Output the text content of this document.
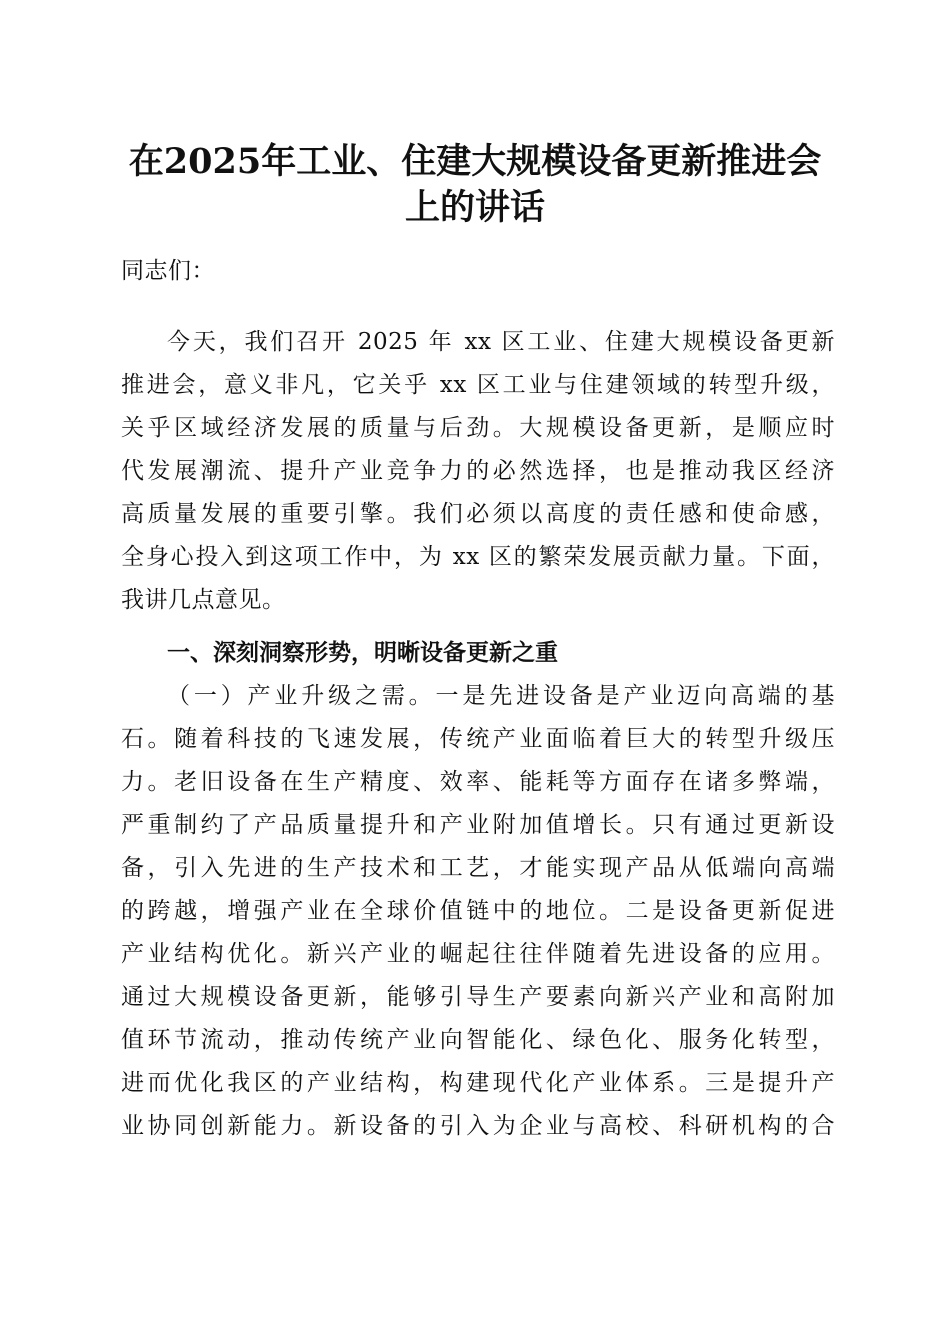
在2025年工业、住建大规模设备更新推进会
上的讲话
同志们：
今天，我们召开 2025 年 xx 区工业、住建大规模设备更新
推进会，意义非凡，它关乎 xx 区工业与住建领域的转型升级，
关乎区域经济发展的质量与后劲。大规模设备更新，是顺应时
代发展潮流、提升产业竞争力的必然选择，也是推动我区经济
高质量发展的重要引擎。我们必须以高度的责任感和使命感，
全身心投入到这项工作中，为 xx 区的繁荣发展贡献力量。下面，
我讲几点意见。
一、深刻洞察形势，明晰设备更新之重
（一）产业升级之需。一是先进设备是产业迈向高端的基
石。随着科技的飞速发展，传统产业面临着巨大的转型升级压
力。老旧设备在生产精度、效率、能耗等方面存在诸多弊端，
严重制约了产品质量提升和产业附加值增长。只有通过更新设
备，引入先进的生产技术和工艺，才能实现产品从低端向高端
的跨越，增强产业在全球价值链中的地位。二是设备更新促进
产业结构优化。新兴产业的崛起往往伴随着先进设备的应用。
通过大规模设备更新，能够引导生产要素向新兴产业和高附加
值环节流动，推动传统产业向智能化、绿色化、服务化转型，
进而优化我区的产业结构，构建现代化产业体系。三是提升产
业协同创新能力。新设备的引入为企业与高校、科研机构的合
